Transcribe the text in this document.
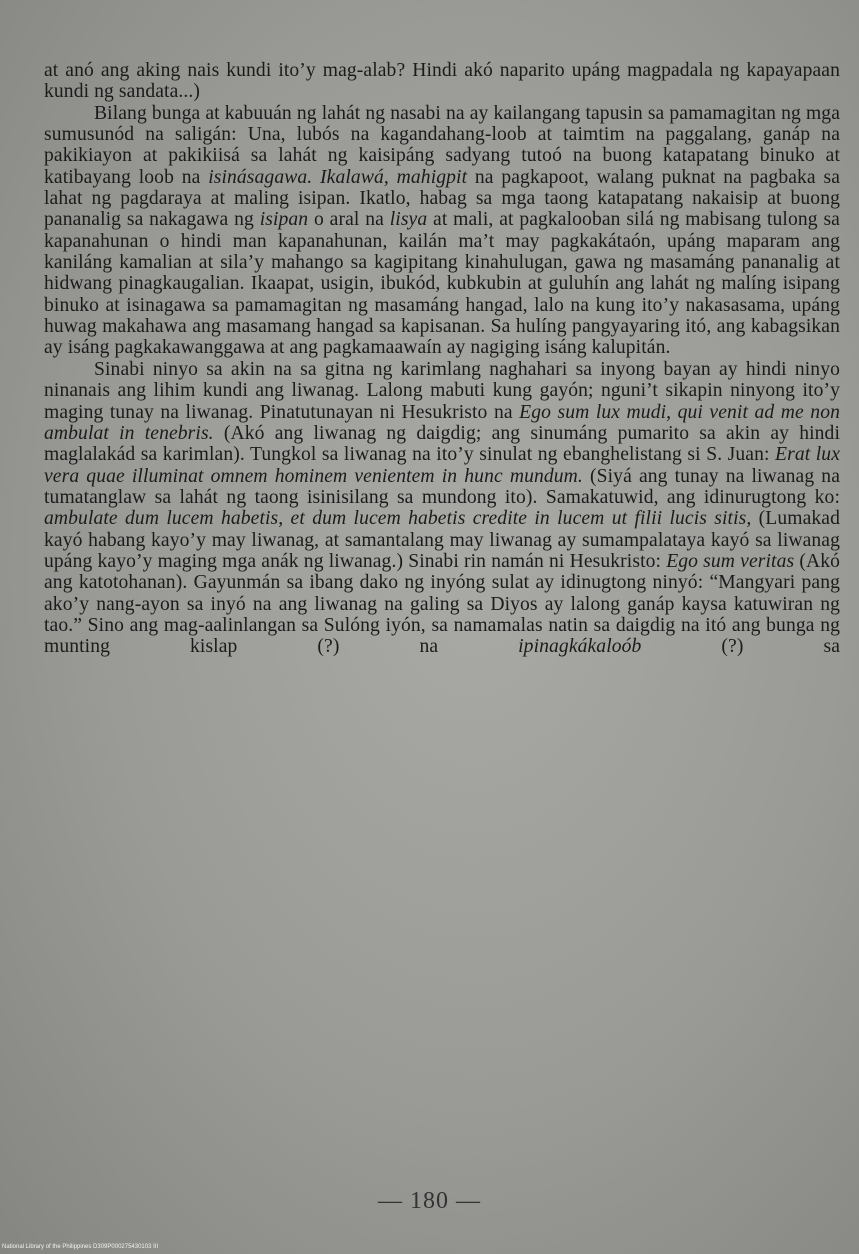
at anó ang aking nais kundi ito’y mag-alab? Hindi akó naparito upáng magpadala ng kapayapaan kundi ng sandata...)

Bilang bunga at kabuuán ng lahát ng nasabi na ay kailangang tapusin sa pamamagitan ng mga sumusunód na saligán: Una, lubós na kagandahang-loob at taimtim na paggalang, ganáp na pakikiayon at pakikiisá sa lahát ng kaisipáng sadyang tutoó na buong katapatang binuko at katibayang loob na isinásagawa. Ikalawá, mahigpit na pagkapoot, walang puknat na pagbaka sa lahat ng pagdaraya at maling isipan. Ikatlo, habag sa mga taong katapatang nakaisip at buong pananalig sa nakagawa ng isipan o aral na lisya at mali, at pagkalooban silá ng mabisang tulong sa kapanahunan o hindi man kapanahunan, kailán ma’t may pagkakátaón, upáng maparam ang kaniláng kamalian at sila’y mahango sa kagipitang kinahulugan, gawa ng masamáng pananalig at hidwang pinagkaugalian. Ikaapat, usigin, ibukód, kubkubin at guluhín ang lahát ng malíng isipang binuko at isinagawa sa pamamagitan ng masamáng hangad, lalo na kung ito’y nakasasama, upáng huwag makahawa ang masamang hangad sa kapisanan. Sa hulíng pangyayaring itó, ang kabagsikan ay isáng pagkakawanggawa at ang pagkamaawaín ay nagiging isáng kalupitán.

Sinabi ninyo sa akin na sa gitna ng karimlang naghahari sa inyong bayan ay hindi ninyo ninanais ang lihim kundi ang liwanag. Lalong mabuti kung gayón; nguni’t sikapin ninyong ito’y maging tunay na liwanag. Pinatutunayan ni Hesukristo na Ego sum lux mudi, qui venit ad me non ambulat in tenebris. (Akó ang liwanag ng daigdig; ang sinumáng pumarito sa akin ay hindi maglalakád sa karimlan). Tungkol sa liwanag na ito’y sinulat ng ebanghelistang si S. Juan: Erat lux vera quae illuminat omnem hominem venientem in hunc mundum. (Siyá ang tunay na liwanag na tumatanglaw sa lahát ng taong isinisilang sa mundong ito). Samakatuwid, ang idinurugtong ko: ambulate dum lucem habetis, et dum lucem habetis credite in lucem ut filii lucis sitis, (Lumakad kayó habang kayo’y may liwanag, at samantalang may liwanag ay sumampalataya kayó sa liwanag upáng kayo’y maging mga anák ng liwanag.) Sinabi rin namán ni Hesukristo: Ego sum veritas (Akó ang katotohanan). Gayunmán sa ibang dako ng inyóng sulat ay idinugtong ninyó: “Mangyari pang ako’y nang-ayon sa inyó na ang liwanag na galing sa Diyos ay lalong ganáp kaysa katuwiran ng tao.” Sino ang mag-aalinlangan sa Sulóng iyón, sa namamalas natin sa daigdig na itó ang bunga ng munting kislap (?) na ipinagkákaloób (?) sa

— 180 —
National Library of the Philippines D309P000275430103 III
